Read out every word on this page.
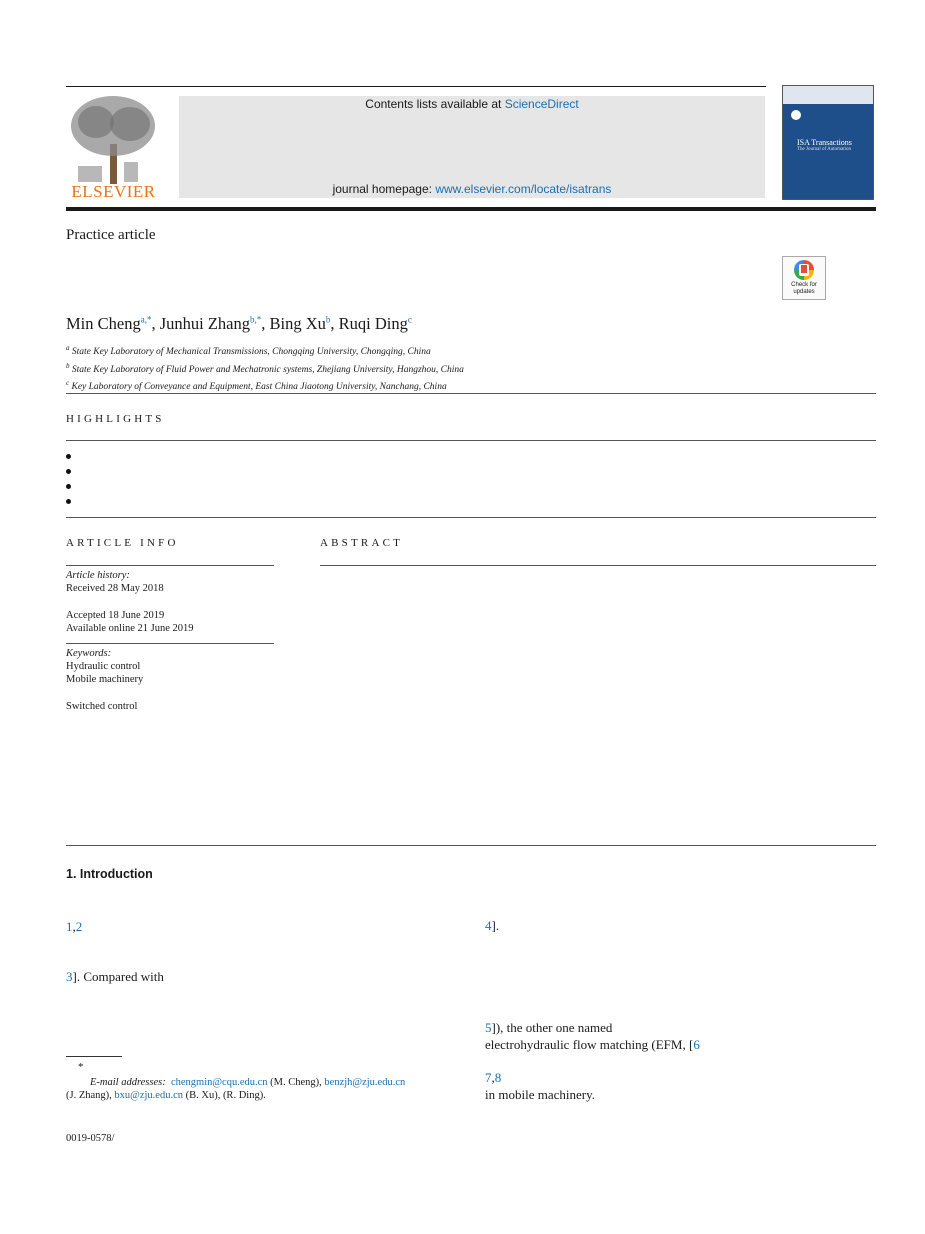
ELSEVIER
Contents lists available at ScienceDirect
journal homepage: www.elsevier.com/locate/isatrans
ISA Transactions
The Journal of Automation
Practice article
Check for
updates
Min Cheng$^{a,*}$, Junhui Zhang$^{b,*}$, Bing Xu$^b$, Ruqi Ding$^c$
$^a$ State Key Laboratory of Mechanical Transmissions, Chongqing University, Chongqing, China
$^b$ State Key Laboratory of Fluid Power and Mechatronic systems, Zhejiang University, Hangzhou, China
$^c$ Key Laboratory of Conveyance and Equipment, East China Jiaotong University, Nanchang, China
HIGHLIGHTS
ARTICLE INFO
Article history:
Received 28 May 2018
Accepted 18 June 2019
Available online 21 June 2019
Keywords:
Hydraulic control
Mobile machinery
Switched control
ABSTRACT
1. Introduction
1,2
3]. Compared with
4].
5]), the other one named
electrohydraulic flow matching (EFM, [6
7,8
in mobile machinery.
*
E-mail addresses: chengmin@cqu.edu.cn (M. Cheng), benzjh@zju.edu.cn
(J. Zhang), bxu@zju.edu.cn (B. Xu), (R. Ding).
0019-0578/
